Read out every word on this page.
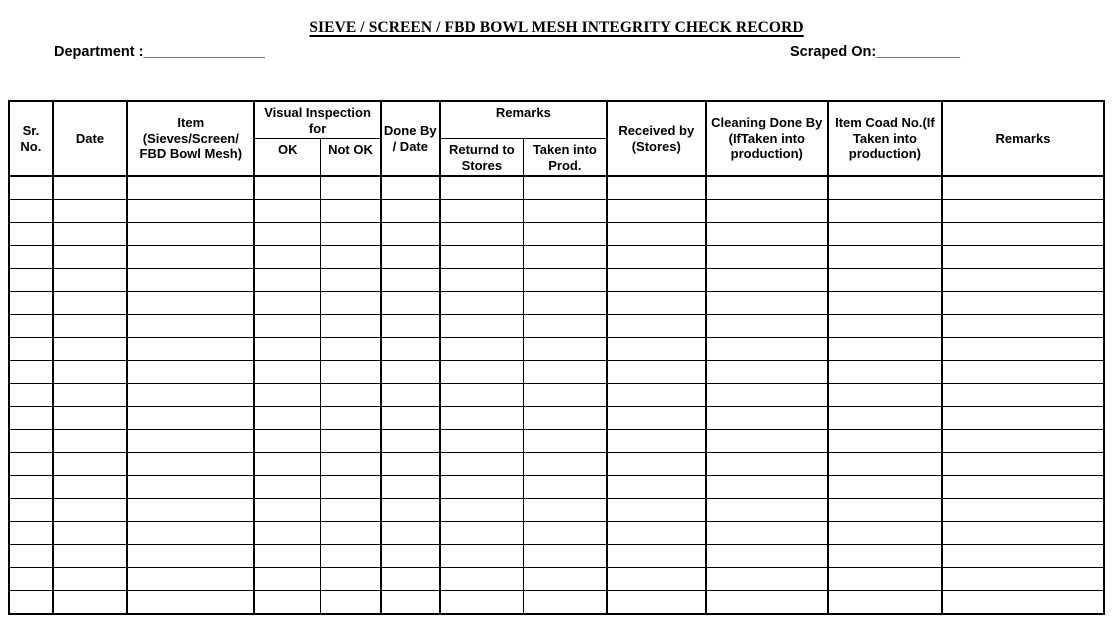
SIEVE / SCREEN / FBD BOWL MESH INTEGRITY CHECK RECORD
Department :________________	Scraped On:___________
Sr. No.	Date	Item (Sieves/Screen/ FBD Bowl Mesh)	Visual Inspection for		Done By / Date	Remarks		Received by (Stores)	Cleaning Done By (IfTaken into production)	Item Coad No.(If Taken into production)	Remarks
			OK	Not OK		Returnd to Stores	Taken into Prod.				
